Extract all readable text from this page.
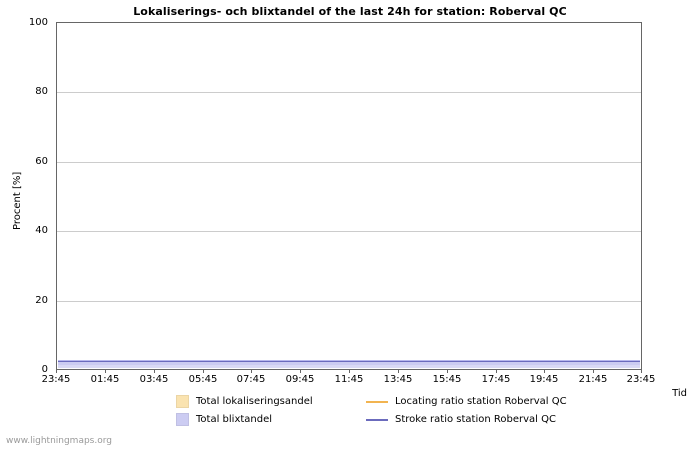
Lokaliserings- och blixtandel of the last 24h for station: Roberval QC
Procent [%]
100
80
60
40
20
0
23:45	01:45	03:45	05:45	07:45	09:45	11:45	13:45	15:45	17:45	19:45	21:45	23:45
Tid
Total lokaliseringsandel	Locating ratio station Roberval QC
Total blixtandel	Stroke ratio station Roberval QC
www.lightningmaps.org
